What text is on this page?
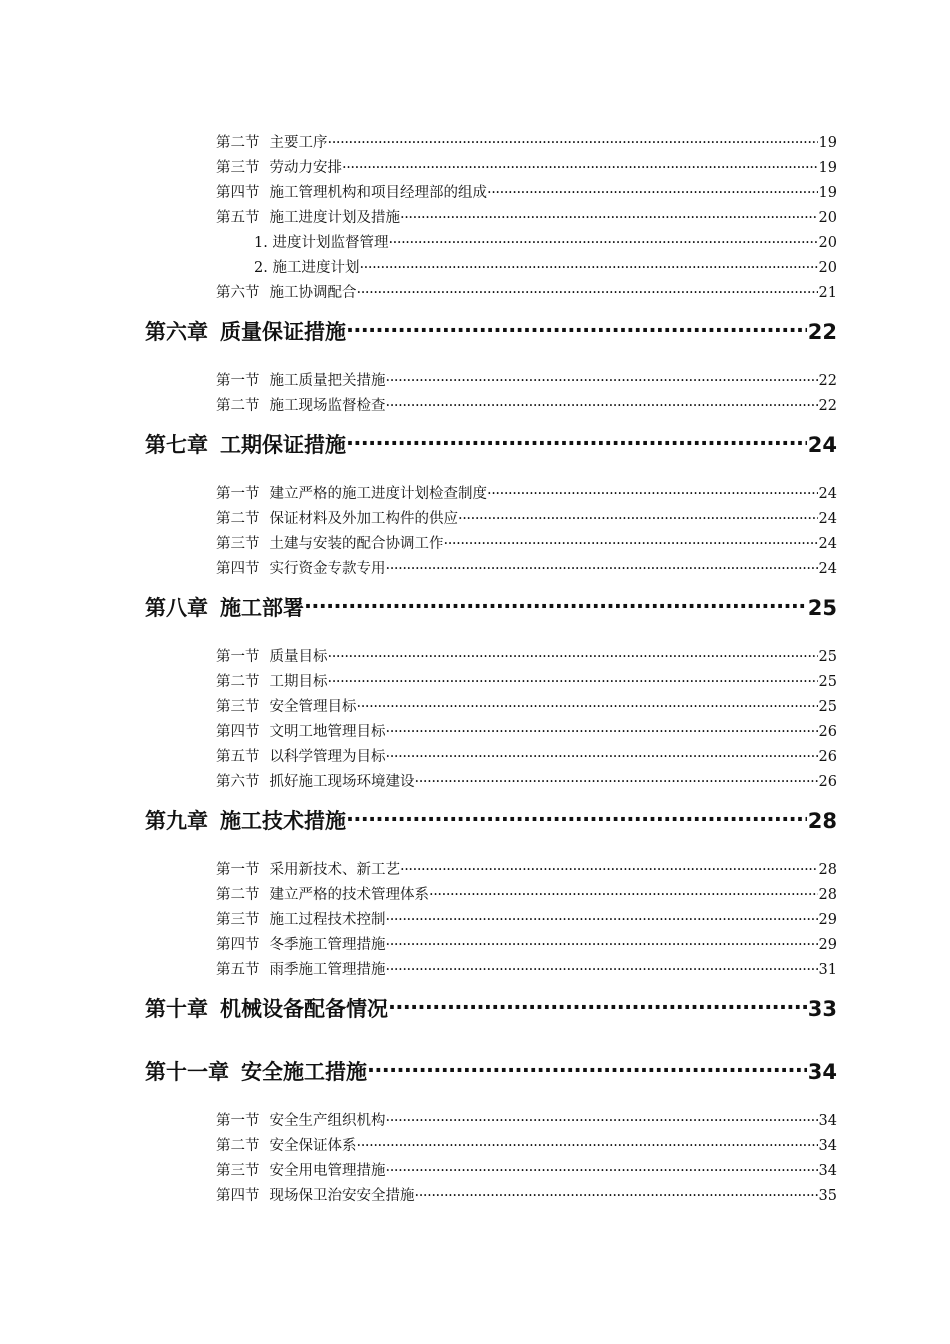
第二节 主要工序 .....	19
第三节 劳动力安排 .....	19
第四节 施工管理机构和项目经理部的组成 .....	19
第五节 施工进度计划及措施 .....	20
1. 进度计划监督管理 .....	20
2. 施工进度计划 .....	20
第六节 施工协调配合 .....	21
第六章 质量保证措施 .....	22
第一节 施工质量把关措施 .....	22
第二节 施工现场监督检查 .....	22
第七章 工期保证措施 .....	24
第一节 建立严格的施工进度计划检查制度 .....	24
第二节 保证材料及外加工构件的供应 .....	24
第三节 土建与安装的配合协调工作 .....	24
第四节 实行资金专款专用 .....	24
第八章 施工部署 .....	25
第一节 质量目标 .....	25
第二节 工期目标 .....	25
第三节 安全管理目标 .....	25
第四节 文明工地管理目标 .....	26
第五节 以科学管理为目标 .....	26
第六节 抓好施工现场环境建设 .....	26
第九章 施工技术措施 .....	28
第一节 采用新技术、新工艺 .....	28
第二节 建立严格的技术管理体系 .....	28
第三节 施工过程技术控制 .....	29
第四节 冬季施工管理措施 .....	29
第五节 雨季施工管理措施 .....	31
第十章 机械设备配备情况 .....	33
第十一章 安全施工措施 .....	34
第一节 安全生产组织机构 .....	34
第二节 安全保证体系 .....	34
第三节 安全用电管理措施 .....	34
第四节 现场保卫治安安全措施 .....	35
